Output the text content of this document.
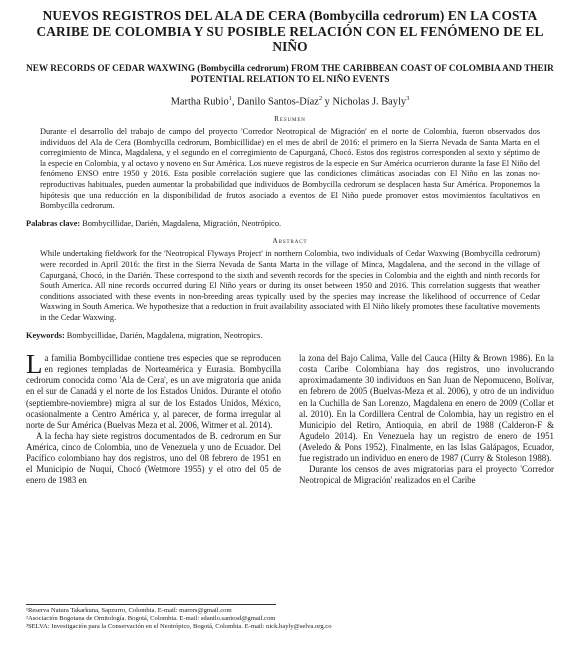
NUEVOS REGISTROS DEL ALA DE CERA (Bombycilla cedrorum) EN LA COSTA CARIBE DE COLOMBIA Y SU POSIBLE RELACIÓN CON EL FENÓMENO DE EL NIÑO
NEW RECORDS OF CEDAR WAXWING (Bombycilla cedrorum) FROM THE CARIBBEAN COAST OF COLOMBIA AND THEIR POTENTIAL RELATION TO EL NIÑO EVENTS
Martha Rubio$^1$, Danilo Santos-Díaz$^2$ y Nicholas J. Bayly$^3$
Resumen
Durante el desarrollo del trabajo de campo del proyecto 'Corredor Neotropical de Migración' en el norte de Colombia, fueron observados dos individuos del Ala de Cera (Bombycilla cedrorum, Bombicillidae) en el mes de abril de 2016: el primero en la Sierra Nevada de Santa Marta en el corregimiento de Minca, Magdalena, y el segundo en el corregimiento de Capurganá, Chocó. Estos dos registros corresponden al sexto y séptimo de la especie en Colombia, y al octavo y noveno en Sur América. Los nueve registros de la especie en Sur América ocurrieron durante la fase El Niño del fenómeno ENSO entre 1950 y 2016. Esta posible correlación sugiere que las condiciones climáticas asociadas con El Niño en las zonas no-reproductivas habituales, pueden aumentar la probabilidad que individuos de Bombycilla cedrorum se desplacen hasta Sur América. Proponemos la hipótesis que una reducción en la disponibilidad de frutos asociado a eventos de El Niño puede promover estos movimientos facultativos en Bombycilla cedrorum.
Palabras clave: Bombycillidae, Darién, Magdalena, Migración, Neotrópico.
Abstract
While undertaking fieldwork for the 'Neotropical Flyways Project' in northern Colombia, two individuals of Cedar Waxwing (Bombycilla cedrorum) were recorded in April 2016: the first in the Sierra Nevada de Santa Marta in the village of Minca, Magdalena, and the second in the village of Capurganá, Chocó, in the Darién. These correspond to the sixth and seventh records for the species in Colombia and the eighth and ninth records for South America. All nine records occurred during El Niño years or during its onset between 1950 and 2016. This correlation suggests that weather conditions associated with these events in non-breeding areas typically used by the species may increase the likelihood of occurrence of Cedar Waxwing in South America. We hypothesize that a reduction in fruit availability associated with El Niño likely promotes these facultative movements in the Cedar Waxwing.
Keywords: Bombycillidae, Darién, Magdalena, migration, Neotropics.

La familia Bombycillidae contiene tres especies que se reproducen en regiones templadas de Norteamérica y Eurasia. Bombycilla cedrorum conocida como 'Ala de Cera', es un ave migratoria que anida en el sur de Canadá y el norte de los Estados Unidos. Durante el otoño (septiembre-noviembre) migra al sur de los Estados Unidos, México, ocasionalmente a Centro América y, al parecer, de forma irregular al norte de Sur América (Buelvas Meza et al. 2006, Witmer et al. 2014).

A la fecha hay siete registros documentados de B. cedrorum en Sur América, cinco de Colombia, uno de Venezuela y uno de Ecuador. Del Pacífico colombiano hay dos registros, uno del 08 febrero de 1951 en el Municipio de Nuquí, Chocó (Wetmore 1955) y el otro del 05 de enero de 1983 en

la zona del Bajo Calima, Valle del Cauca (Hilty & Brown 1986). En la costa Caribe Colombiana hay dos registros, uno involucrando aproximadamente 30 individuos en San Juan de Nepomuceno, Bolívar, en febrero de 2005 (Buelvas-Meza et al. 2006), y otro de un individuo en la Cuchilla de San Lorenzo, Magdalena en enero de 2009 (Collar et al. 2010). En la Cordillera Central de Colombia, hay un registro en el Municipio del Retiro, Antioquia, en abril de 1988 (Calderon-F & Agudelo 2014). En Venezuela hay un registro de enero de 1951 (Aveledo & Pons 1952). Finalmente, en las Islas Galápagos, Ecuador, fue registrado un individuo en enero de 1987 (Curry & Stoleson 1988).

Durante los censos de aves migratorias para el proyecto 'Corredor Neotropical de Migración' realizados en el Caribe

¹Reserva Natura Takarkuna, Sapzurro, Colombia. E-mail: marors@gmail.com
²Asociación Bogotana de Ornitología. Bogotá, Colombia. E-mail: sdanilo.santosd@gmail.com
³SELVA: Investigación para la Conservación en el Neotrópico, Bogotá, Colombia. E-mail: nick.bayly@selva.org.co
